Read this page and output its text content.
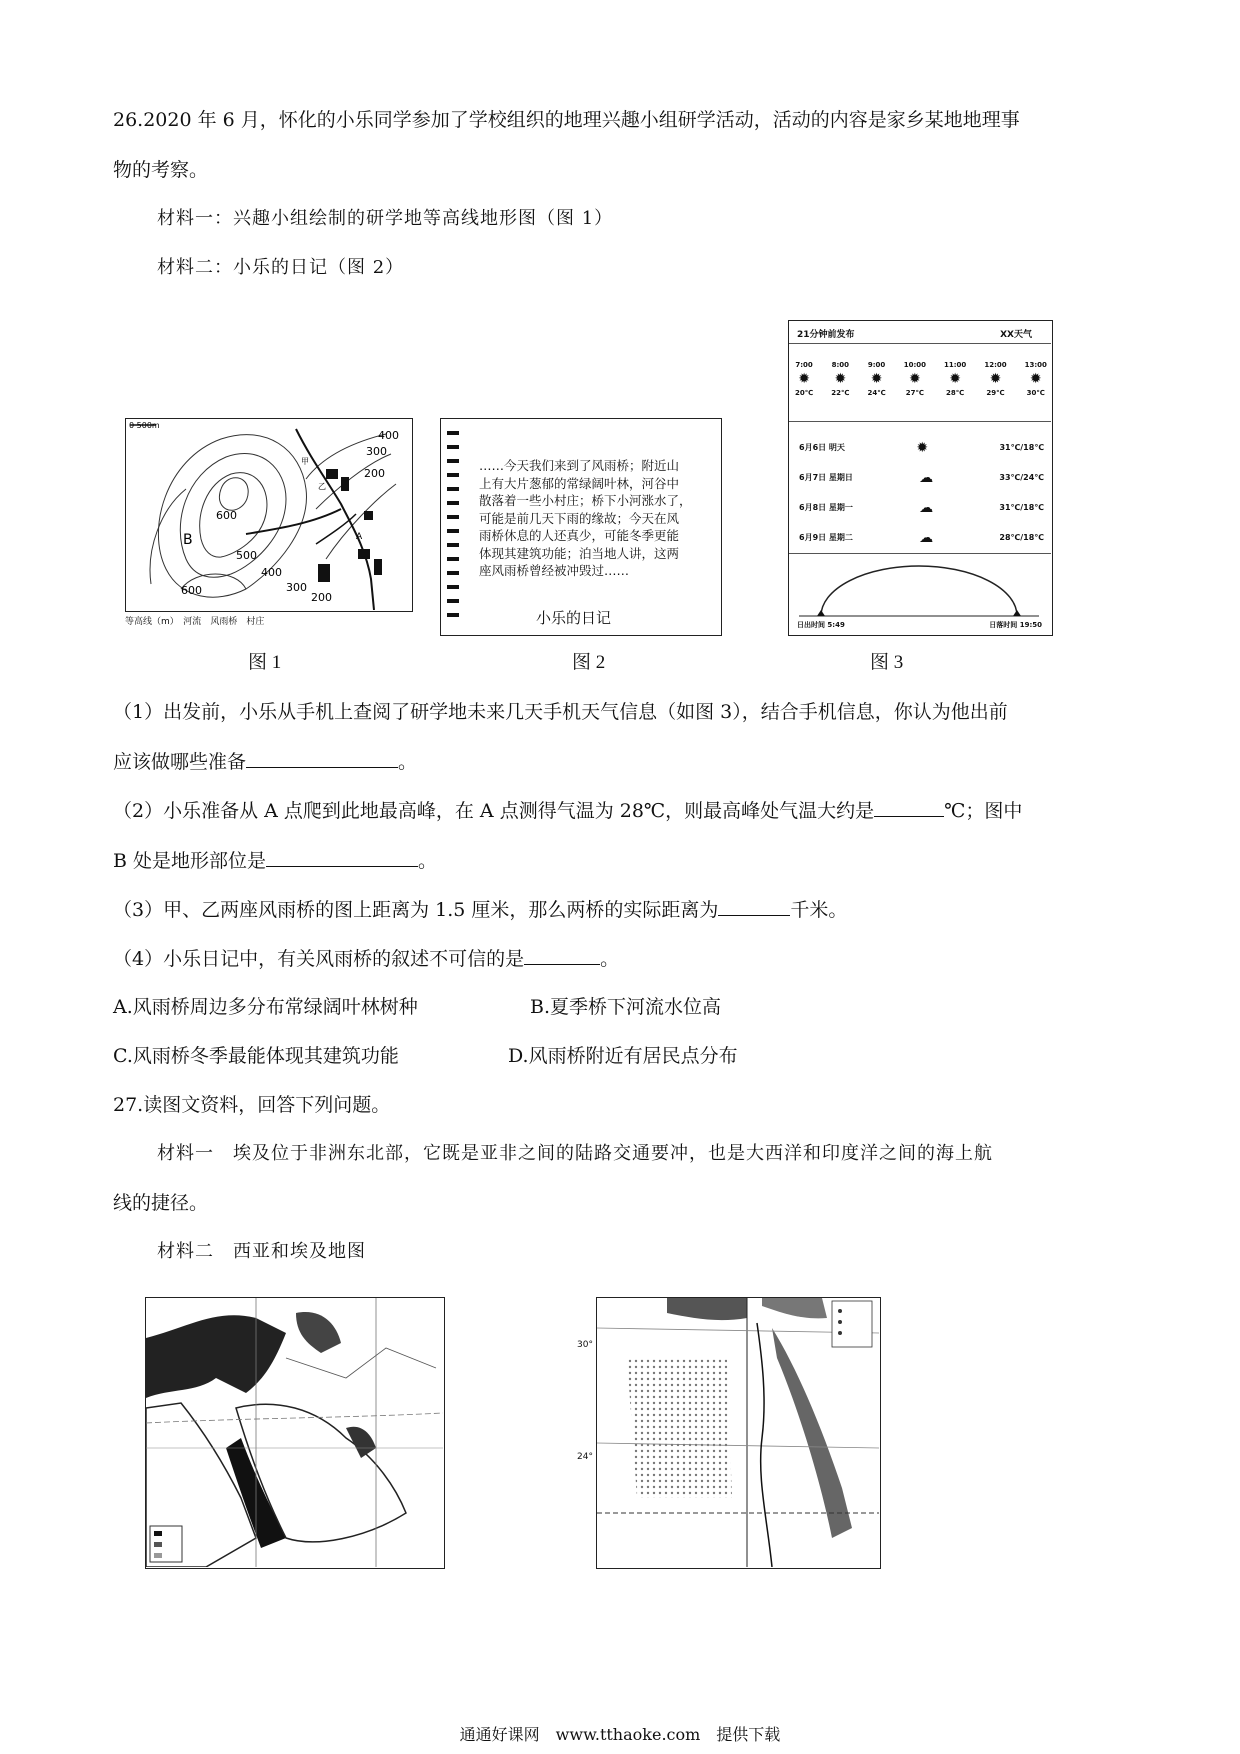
26.2020 年 6 月，怀化的小乐同学参加了学校组织的地理兴趣小组研学活动，活动的内容是家乡某地地理事
物的考察。
材料一：兴趣小组绘制的研学地等高线地形图（图 1）
材料二：小乐的日记（图 2）
0 500m
400
300
200
600
500
400
300
200
600
B	A
甲
乙
等高线（m）　 河流　 风雨桥　 村庄
图 1
……今天我们来到了风雨桥；附近山
上有大片葱郁的常绿阔叶林，河谷中
散落着一些小村庄；桥下小河涨水了，
可能是前几天下雨的缘故；今天在风
雨桥休息的人还真少，可能冬季更能
体现其建筑功能；泊当地人讲，这两
座风雨桥曾经被冲毁过……
小乐的日记
图 2
21分钟前发布	XX天气
7:00
✹
20℃
8:00
✹
22℃
9:00
✹
24℃
10:00
✹
27℃
11:00
✹
28℃
12:00
✹
29℃
13:00
✹
30℃
6月6日 明天	✹	31℃/18℃
6月7日 星期日	☁	33℃/24℃
6月8日 星期一	☁	31℃/18℃
6月9日 星期二	☁	28℃/18℃
日出时间 5:49	日落时间 19:50
图 3
（1）出发前，小乐从手机上查阅了研学地未来几天手机天气信息（如图 3），结合手机信息，你认为他出前
应该做哪些准备	。
（2）小乐准备从 A 点爬到此地最高峰，在 A 点测得气温为 28℃，则最高峰处气温大约是	℃；图中
B 处是地形部位是	。
（3）甲、乙两座风雨桥的图上距离为 1.5 厘米，那么两桥的实际距离为	千米。
（4）小乐日记中，有关风雨桥的叙述不可信的是	。
A.风雨桥周边多分布常绿阔叶林树种	B.夏季桥下河流水位高
C.风雨桥冬季最能体现其建筑功能	D.风雨桥附近有居民点分布
27.读图文资料，回答下列问题。
材料一　埃及位于非洲东北部，它既是亚非之间的陆路交通要冲，也是大西洋和印度洋之间的海上航
线的捷径。
材料二　西亚和埃及地图
30°
24°
通通好课网　www.tthaoke.com　提供下载
